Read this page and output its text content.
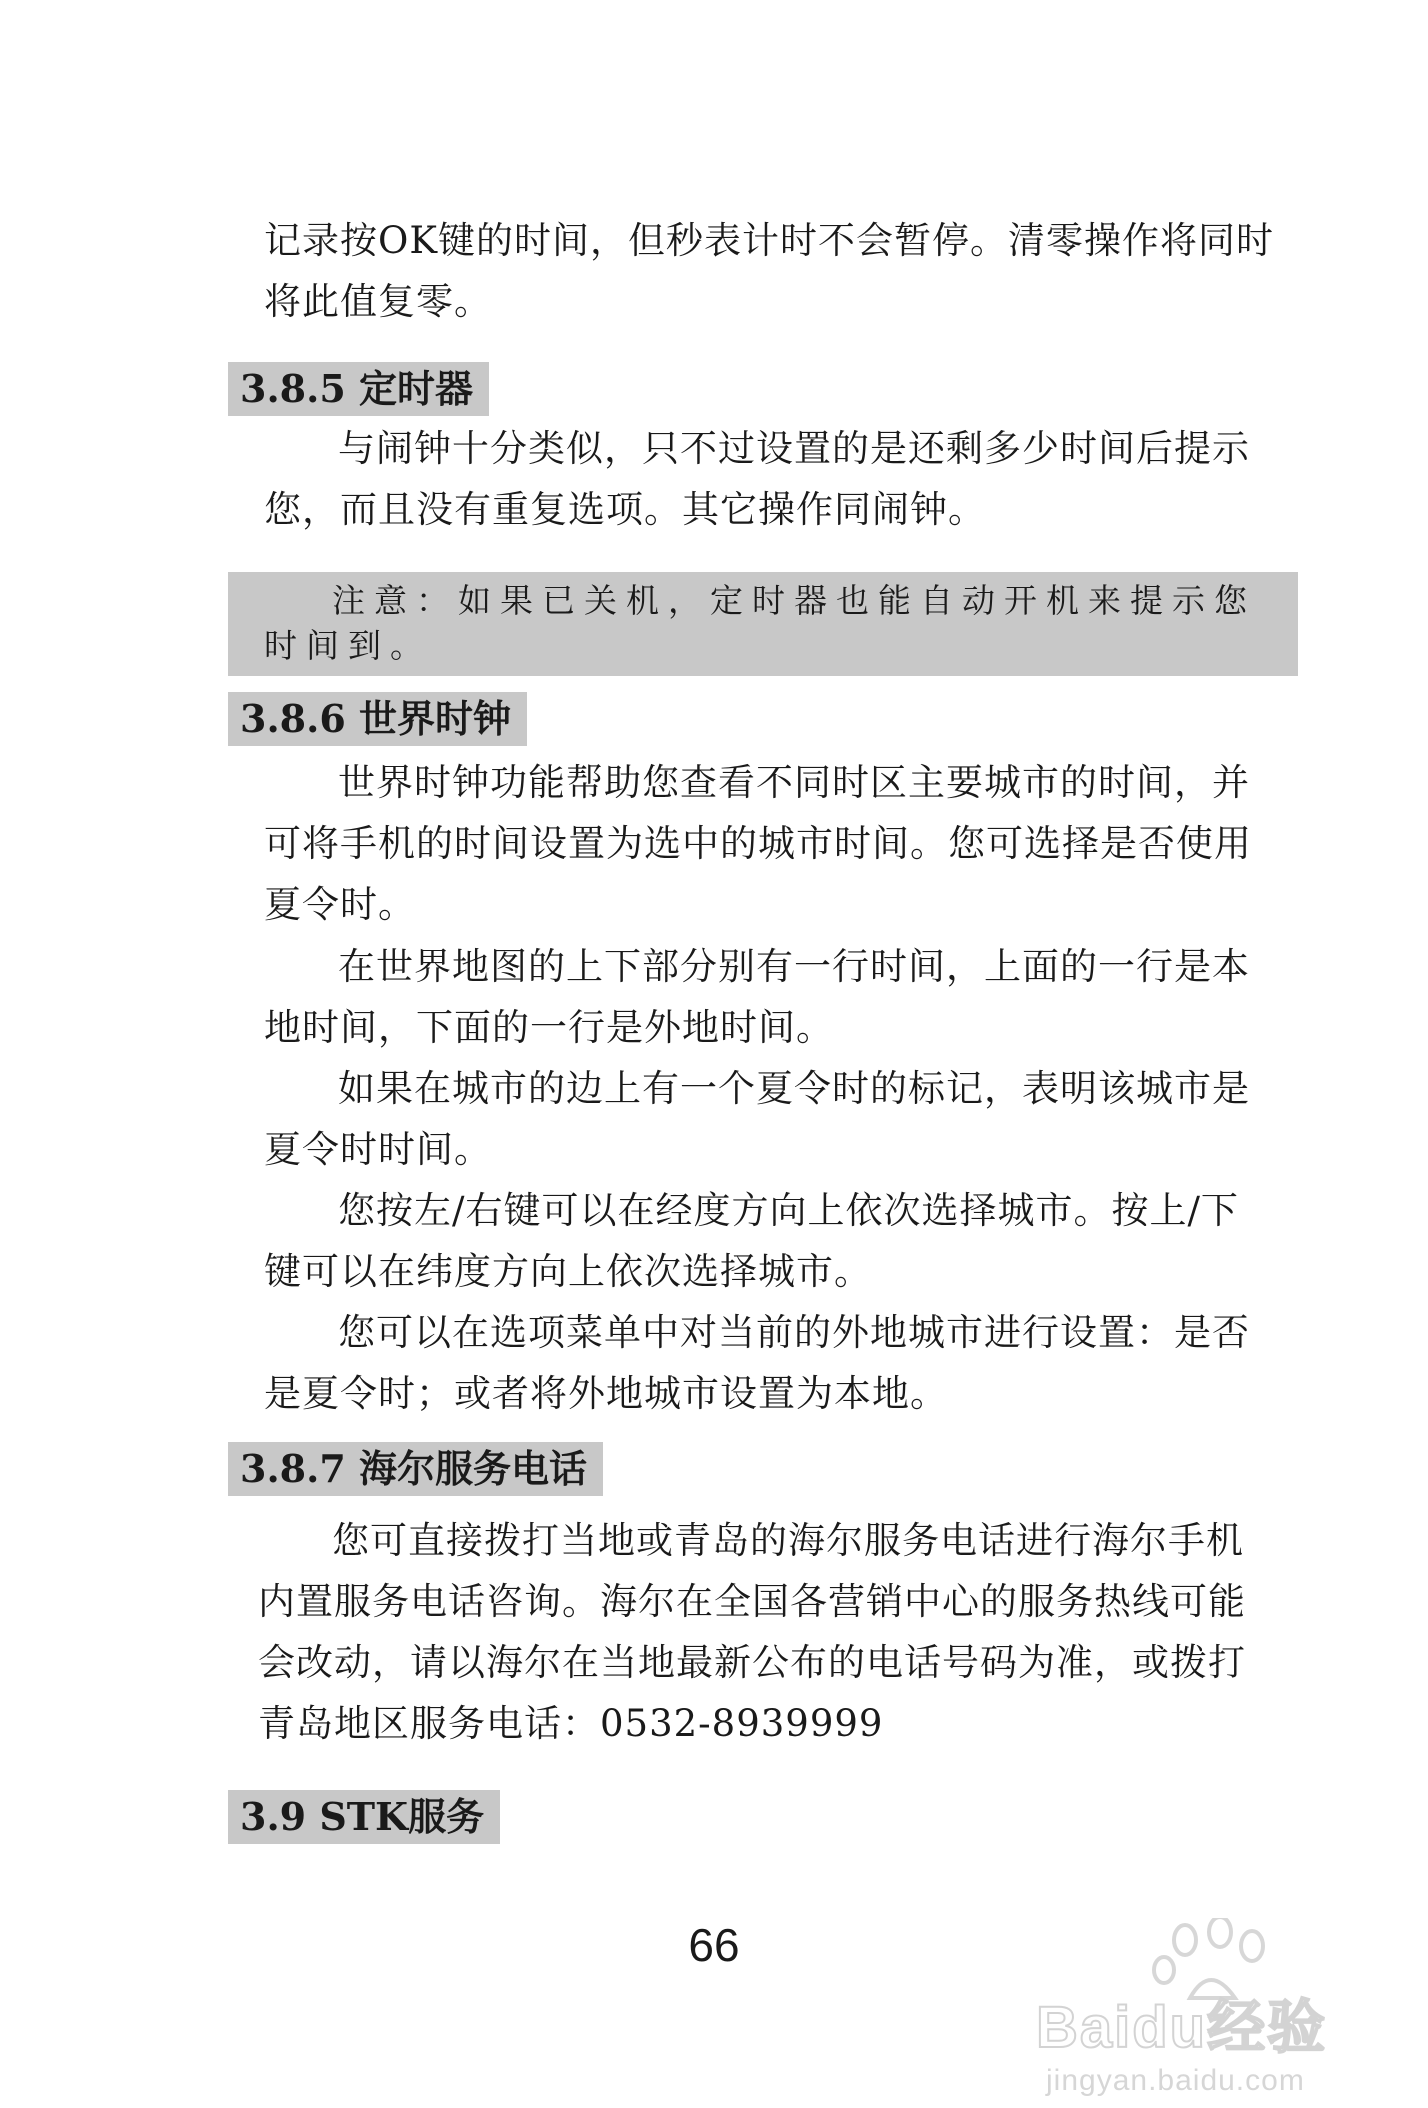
记录按OK键的时间，但秒表计时不会暂停。清零操作将同时将此值复零。

3.8.5 定时器

与闹钟十分类似，只不过设置的是还剩多少时间后提示您，而且没有重复选项。其它操作同闹钟。

注意：如果已关机，定时器也能自动开机来提示您时间到。

3.8.6 世界时钟

世界时钟功能帮助您查看不同时区主要城市的时间，并可将手机的时间设置为选中的城市时间。您可选择是否使用夏令时。

在世界地图的上下部分别有一行时间，上面的一行是本地时间，下面的一行是外地时间。

如果在城市的边上有一个夏令时的标记，表明该城市是夏令时时间。

您按左/右键可以在经度方向上依次选择城市。按上/下键可以在纬度方向上依次选择城市。

您可以在选项菜单中对当前的外地城市进行设置：是否是夏令时；或者将外地城市设置为本地。

3.8.7 海尔服务电话

您可直接拨打当地或青岛的海尔服务电话进行海尔手机内置服务电话咨询。海尔在全国各营销中心的服务热线可能会改动，请以海尔在当地最新公布的电话号码为准，或拨打青岛地区服务电话：0532-8939999

3.9 STK服务
66
Baidu经验
jingyan.baidu.com
